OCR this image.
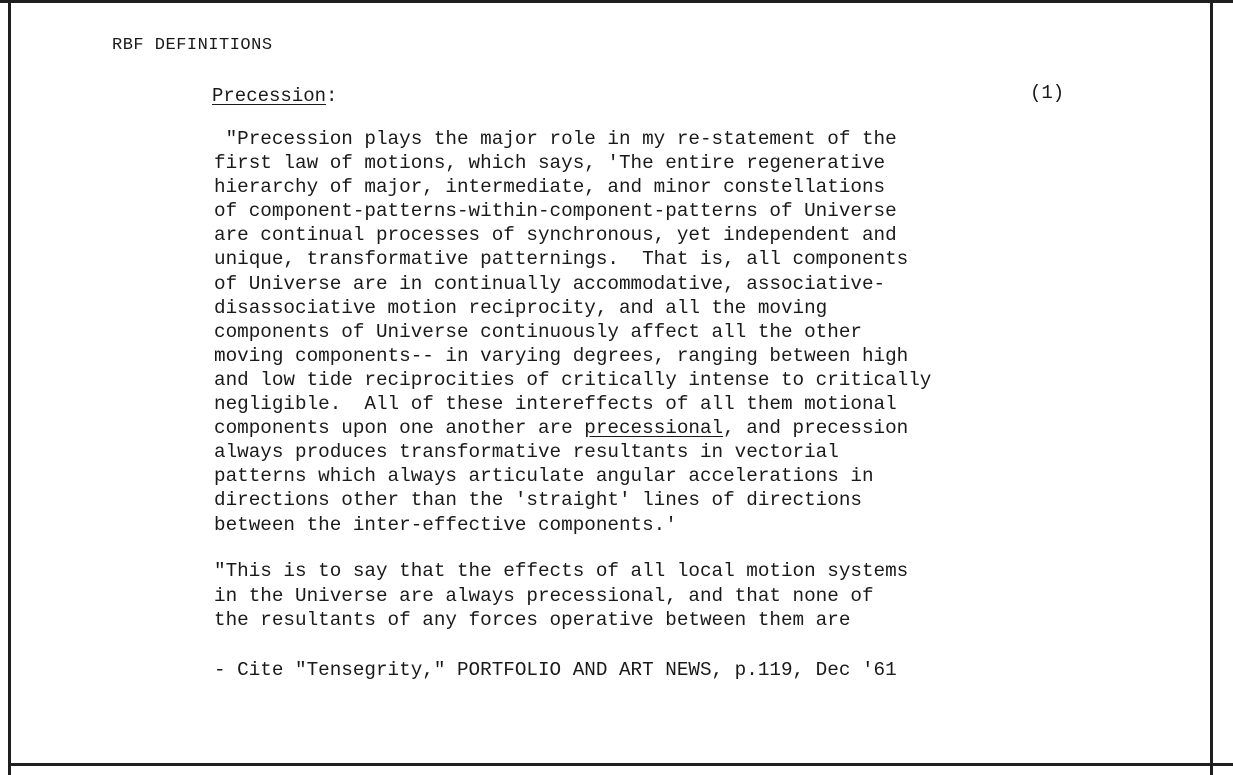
RBF DEFINITIONS
Precession:	(1)
"Precession plays the major role in my re-statement of the
first law of motions, which says, 'The entire regenerative
hierarchy of major, intermediate, and minor constellations
of component-patterns-within-component-patterns of Universe
are continual processes of synchronous, yet independent and
unique, transformative patternings.  That is, all components
of Universe are in continually accommodative, associative-
disassociative motion reciprocity, and all the moving
components of Universe continuously affect all the other
moving components-- in varying degrees, ranging between high
and low tide reciprocities of critically intense to critically
negligible.  All of these intereffects of all them motional
components upon one another are precessional, and precession
always produces transformative resultants in vectorial
patterns which always articulate angular accelerations in
directions other than the 'straight' lines of directions
between the inter-effective components.'
"This is to say that the effects of all local motion systems
in the Universe are always precessional, and that none of
the resultants of any forces operative between them are
- Cite "Tensegrity," PORTFOLIO AND ART NEWS, p.119, Dec '61
